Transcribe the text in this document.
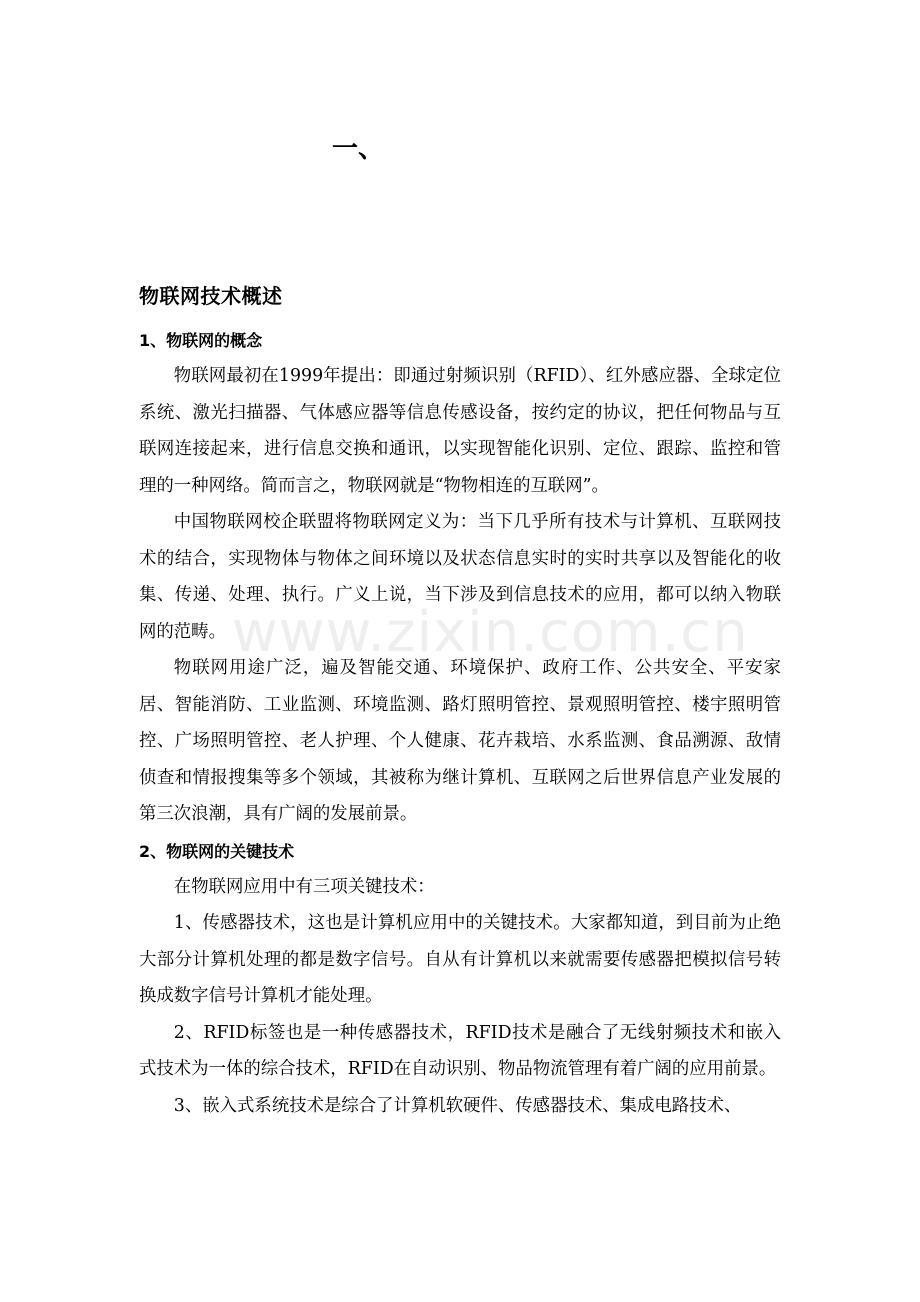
一、
物联网技术概述
1、物联网的概念

物联网最初在1999年提出：即通过射频识别（RFID）、红外感应器、全球定位系统、激光扫描器、气体感应器等信息传感设备，按约定的协议，把任何物品与互联网连接起来，进行信息交换和通讯，以实现智能化识别、定位、跟踪、监控和管理的一种网络。简而言之，物联网就是“物物相连的互联网”。

中国物联网校企联盟将物联网定义为：当下几乎所有技术与计算机、互联网技术的结合，实现物体与物体之间环境以及状态信息实时的实时共享以及智能化的收集、传递、处理、执行。广义上说，当下涉及到信息技术的应用，都可以纳入物联网的范畴。

物联网用途广泛，遍及智能交通、环境保护、政府工作、公共安全、平安家居、智能消防、工业监测、环境监测、路灯照明管控、景观照明管控、楼宇照明管控、广场照明管控、老人护理、个人健康、花卉栽培、水系监测、食品溯源、敌情侦查和情报搜集等多个领域，其被称为继计算机、互联网之后世界信息产业发展的第三次浪潮，具有广阔的发展前景。

2、物联网的关键技术

在物联网应用中有三项关键技术：

1、传感器技术，这也是计算机应用中的关键技术。大家都知道，到目前为止绝大部分计算机处理的都是数字信号。自从有计算机以来就需要传感器把模拟信号转换成数字信号计算机才能处理。

2、RFID标签也是一种传感器技术，RFID技术是融合了无线射频技术和嵌入式技术为一体的综合技术，RFID在自动识别、物品物流管理有着广阔的应用前景。

3、嵌入式系统技术是综合了计算机软硬件、传感器技术、集成电路技术、

www.zixin.com.cn
